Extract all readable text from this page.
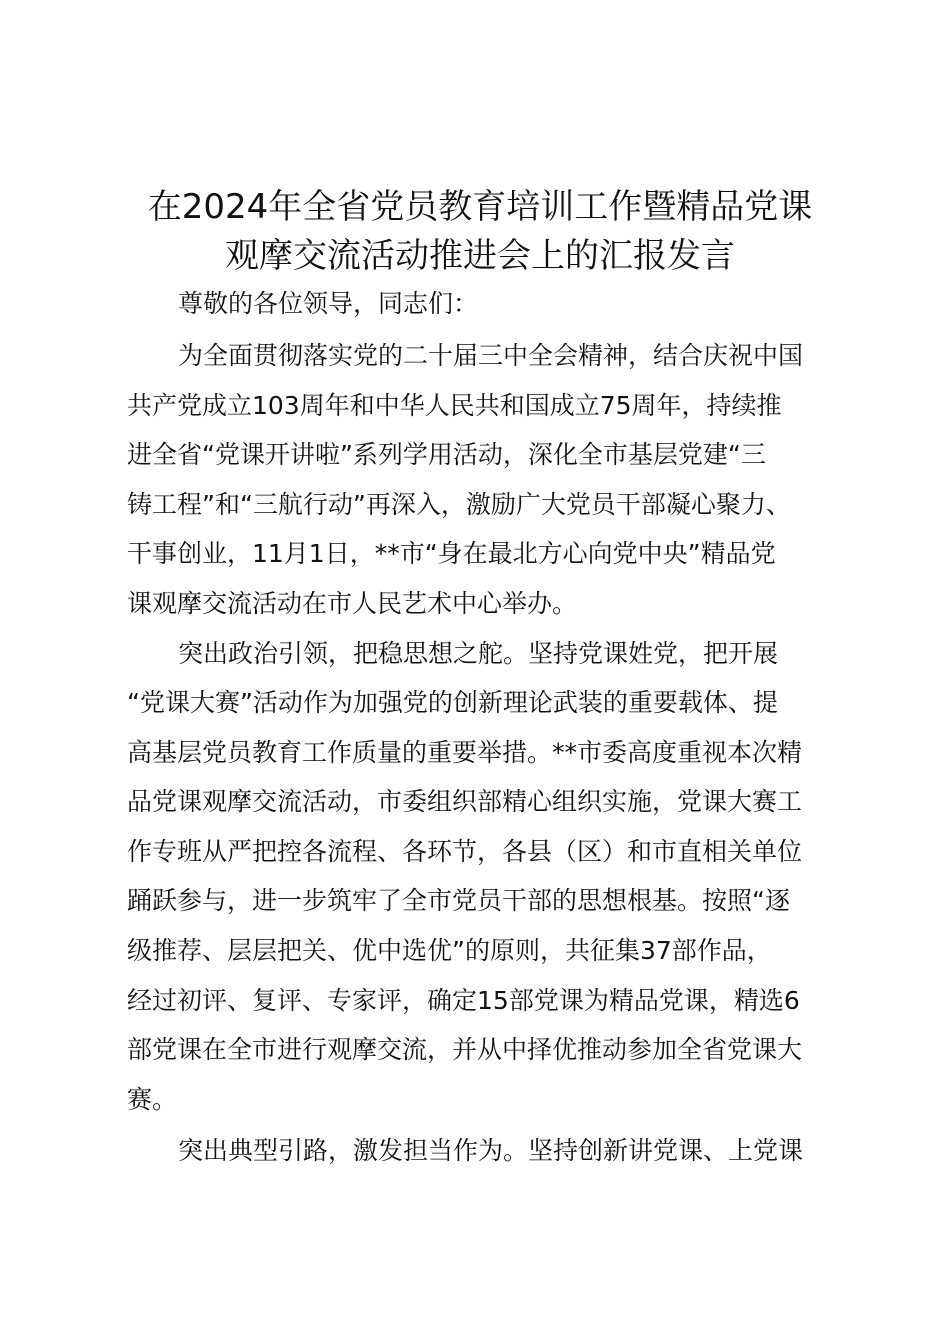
在2024年全省党员教育培训工作暨精品党课
观摩交流活动推进会上的汇报发言

尊敬的各位领导，同志们：

为全面贯彻落实党的二十届三中全会精神，结合庆祝中国

共产党成立103周年和中华人民共和国成立75周年，持续推

进全省“党课开讲啦”系列学用活动，深化全市基层党建“三

铸工程”和“三航行动”再深入，激励广大党员干部凝心聚力、

干事创业，11月1日，**市“身在最北方心向党中央”精品党

课观摩交流活动在市人民艺术中心举办。

突出政治引领，把稳思想之舵。坚持党课姓党，把开展

“党课大赛”活动作为加强党的创新理论武装的重要载体、提

高基层党员教育工作质量的重要举措。**市委高度重视本次精

品党课观摩交流活动，市委组织部精心组织实施，党课大赛工

作专班从严把控各流程、各环节，各县（区）和市直相关单位

踊跃参与，进一步筑牢了全市党员干部的思想根基。按照“逐

级推荐、层层把关、优中选优”的原则，共征集37部作品，

经过初评、复评、专家评，确定15部党课为精品党课，精选6

部党课在全市进行观摩交流，并从中择优推动参加全省党课大

赛。

突出典型引路，激发担当作为。坚持创新讲党课、上党课
